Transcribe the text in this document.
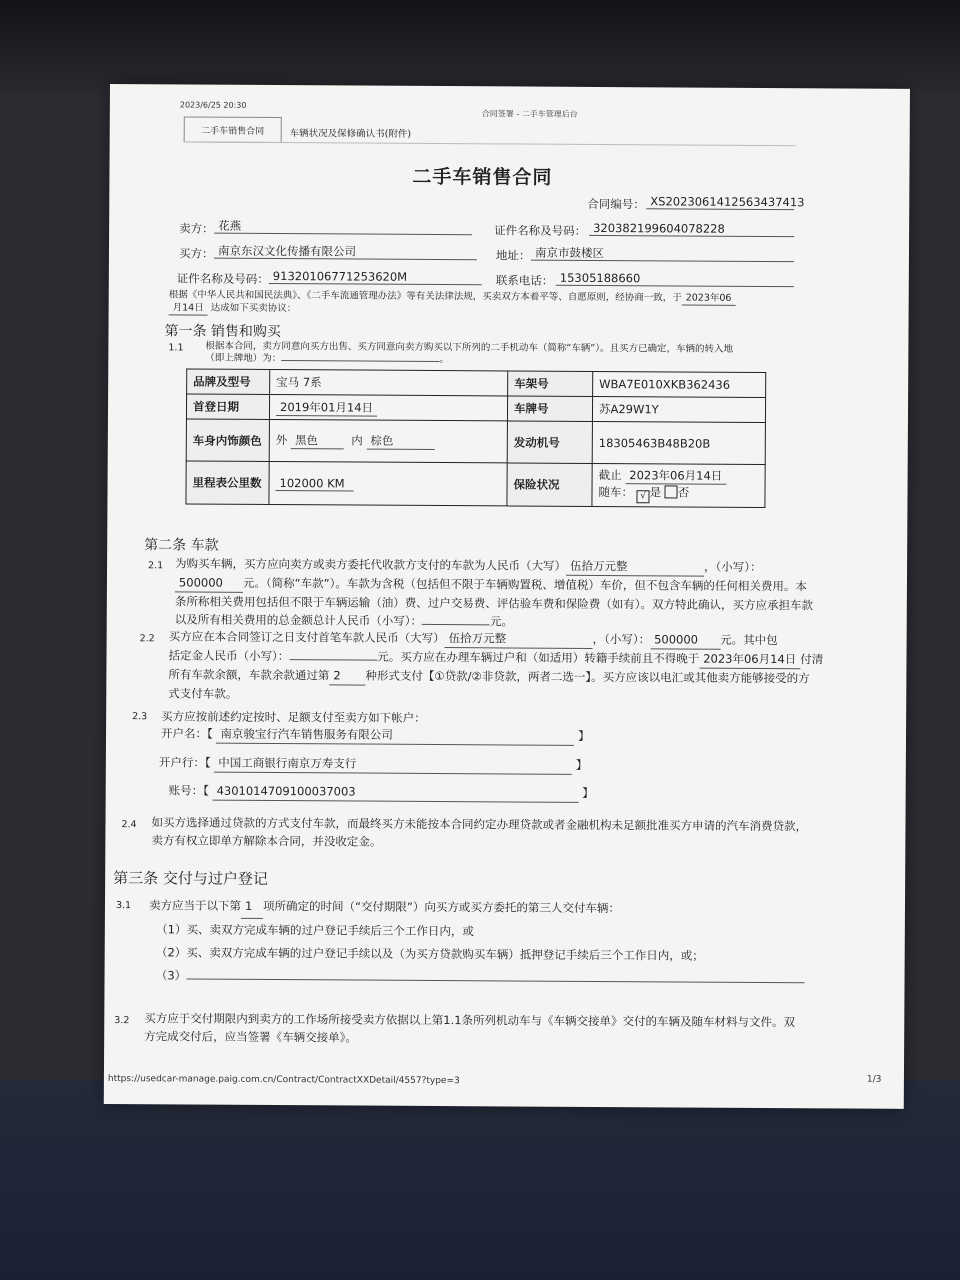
2023/6/25 20:30
合同签署 - 二手车管理后台
二手车销售合同	车辆状况及保修确认书(附件)
二手车销售合同
合同编号： XS2023061412563437413
卖方： 花燕	证件名称及号码： 320382199604078228
买方： 南京东汉文化传播有限公司	地址： 南京市鼓楼区
证件名称及号码： 91320106771253620M	联系电话： 15305188660
根据《中华人民共和国民法典》、《二手车流通管理办法》等有关法律法规，买卖双方本着平等、自愿原则，经协商一致，于 2023年06
月14日 达成如下买卖协议：
第一条 销售和购买
1.1 根据本合同，卖方同意向买方出售、买方同意向卖方购买以下所列的二手机动车（简称“车辆”）。且买方已确定，车辆的转入地
（即上牌地）为：	。
品牌及型号	宝马 7系	车架号	WBA7E010XKB362436
首登日期	2019年01月14日	车牌号	苏A29W1Y
车身内饰颜色	外 黑色 内 棕色	发动机号	18305463B48B20B
里程表公里数	102000 KM	保险状况	截止 2023年06月14日
随车： √ 是 否
第二条 车款
2.1 为购买车辆，买方应向卖方或卖方委托代收款方支付的车款为人民币（大写） 伍拾万元整	，（小写）：
500000 元。（简称“车款”）。车款为含税（包括但不限于车辆购置税、增值税）车价，但不包含车辆的任何相关费用。本
条所称相关费用包括但不限于车辆运输（油）费、过户交易费、评估验车费和保险费（如有）。双方特此确认，买方应承担车款
以及所有相关费用的总金额总计人民币（小写）：	元。
2.2 买方应在本合同签订之日支付首笔车款人民币（大写） 伍拾万元整	，（小写）： 500000 元。其中包
括定金人民币（小写）：	元。买方应在办理车辆过户和（如适用）转籍手续前且不得晚于 2023年06月14日 付清
所有车款余额，车款余款通过第 2 种形式支付【①贷款/②非贷款，两者二选一】。买方应该以电汇或其他卖方能够接受的方
式支付车款。
2.3 买方应按前述约定按时、足额支付至卖方如下帐户：
开户名：【 南京骏宝行汽车销售服务有限公司	】
开户行：【 中国工商银行南京万寿支行	】
账号：【 4301014709100037003	】
2.4 如买方选择通过贷款的方式支付车款，而最终买方未能按本合同约定办理贷款或者金融机构未足额批准买方申请的汽车消费贷款，
卖方有权立即单方解除本合同，并没收定金。
第三条 交付与过户登记
3.1 卖方应当于以下第 1 项所确定的时间（“交付期限”）向买方或买方委托的第三人交付车辆：
（1）买、卖双方完成车辆的过户登记手续后三个工作日内，或
（2）买、卖双方完成车辆的过户登记手续以及（为买方贷款购买车辆）抵押登记手续后三个工作日内，或；
（3）
3.2 买方应于交付期限内到卖方的工作场所接受卖方依据以上第1.1条所列机动车与《车辆交接单》交付的车辆及随车材料与文件。双
方完成交付后，应当签署《车辆交接单》。
https://usedcar-manage.paig.com.cn/Contract/ContractXXDetail/4557?type=3	1/3
